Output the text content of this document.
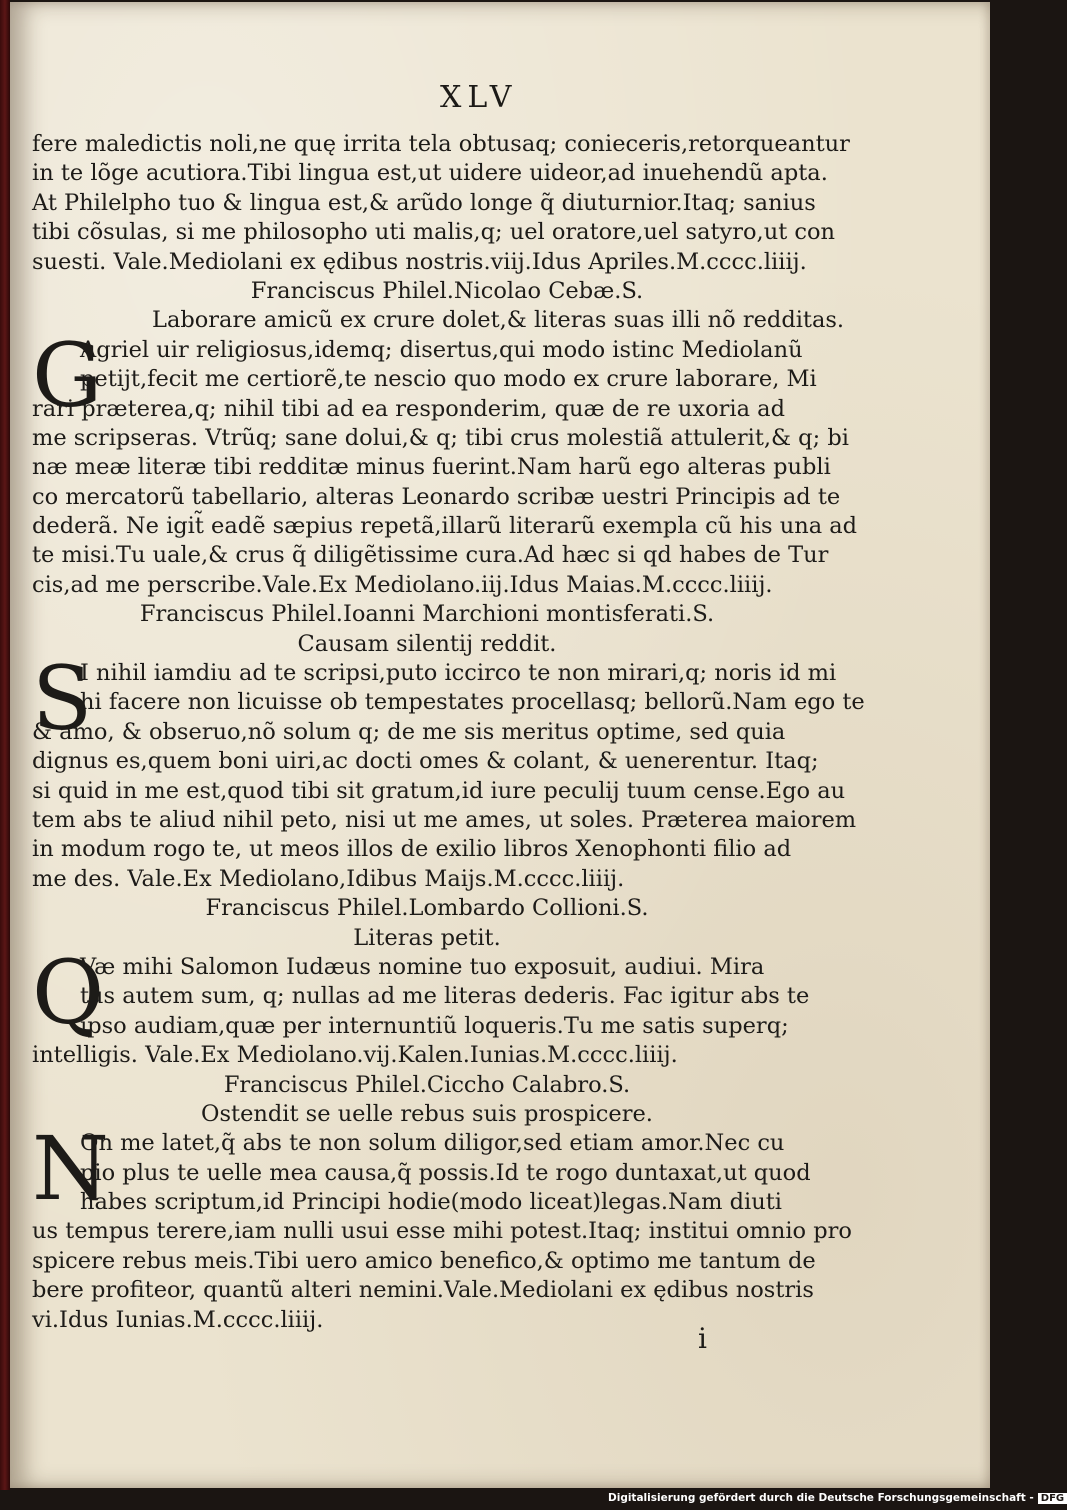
XLV
fere maledictis noli,ne quę irrita tela obtusaq; conieceris,retorqueantur
in te lõge acutiora.Tibi lingua est,ut uidere uideor,ad inuehendũ apta.
At Philelpho tuo & lingua est,& arũdo longe q̃ diuturnior.Itaq; sanius
tibi cõsulas, si me philosopho uti malis,q; uel oratore,uel satyro,ut con
suesti. Vale.Mediolani ex ędibus nostris.viij.Idus Apriles.M.cccc.liiij.
Franciscus Philel.Nicolao Cebæ.S.
Laborare amicũ ex crure dolet,& literas suas illi nõ redditas.
G
Agriel uir religiosus,idemq; disertus,qui modo istinc Mediolanũ
petijt,fecit me certiorẽ,te nescio quo modo ex crure laborare, Mi
rari præterea,q; nihil tibi ad ea responderim, quæ de re uxoria ad
me scripseras. Vtrũq; sane dolui,& q; tibi crus molestiã attulerit,& q; bi
næ meæ literæ tibi redditæ minus fuerint.Nam harũ ego alteras publi
co mercatorũ tabellario, alteras Leonardo scribæ uestri Principis ad te
dederã. Ne igit̃ eadẽ sæpius repetã,illarũ literarũ exempla cũ his una ad
te misi.Tu uale,& crus q̃ diligẽtissime cura.Ad hæc si qd habes de Tur
cis,ad me perscribe.Vale.Ex Mediolano.iij.Idus Maias.M.cccc.liiij.
Franciscus Philel.Ioanni Marchioni montisferati.S.
Causam silentij reddit.
S
I nihil iamdiu ad te scripsi,puto iccirco te non mirari,q; noris id mi
hi facere non licuisse ob tempestates procellasq; bellorũ.Nam ego te
& amo, & obseruo,nõ solum q; de me sis meritus optime, sed quia
dignus es,quem boni uiri,ac docti omes & colant, & uenerentur. Itaq;
si quid in me est,quod tibi sit gratum,id iure peculij tuum cense.Ego au
tem abs te aliud nihil peto, nisi ut me ames, ut soles. Præterea maiorem
in modum rogo te, ut meos illos de exilio libros Xenophonti filio ad
me des. Vale.Ex Mediolano,Idibus Maijs.M.cccc.liiij.
Franciscus Philel.Lombardo Collioni.S.
Literas petit.
Q
Væ mihi Salomon Iudæus nomine tuo exposuit, audiui. Mira
tus autem sum, q; nullas ad me literas dederis. Fac igitur abs te
ipso audiam,quæ per internuntiũ loqueris.Tu me satis superq;
intelligis. Vale.Ex Mediolano.vij.Kalen.Iunias.M.cccc.liiij.
Franciscus Philel.Ciccho Calabro.S.
Ostendit se uelle rebus suis prospicere.
N
On me latet,q̃ abs te non solum diligor,sed etiam amor.Nec cu
pio plus te uelle mea causa,q̃ possis.Id te rogo duntaxat,ut quod
habes scriptum,id Principi hodie(modo liceat)legas.Nam diuti
us tempus terere,iam nulli usui esse mihi potest.Itaq; institui omnio pro
spicere rebus meis.Tibi uero amico benefico,& optimo me tantum de
bere profiteor, quantũ alteri nemini.Vale.Mediolani ex ędibus nostris
vi.Idus Iunias.M.cccc.liiij.
i
Digitalisierung gefördert durch die Deutsche Forschungsgemeinschaft - DFG
